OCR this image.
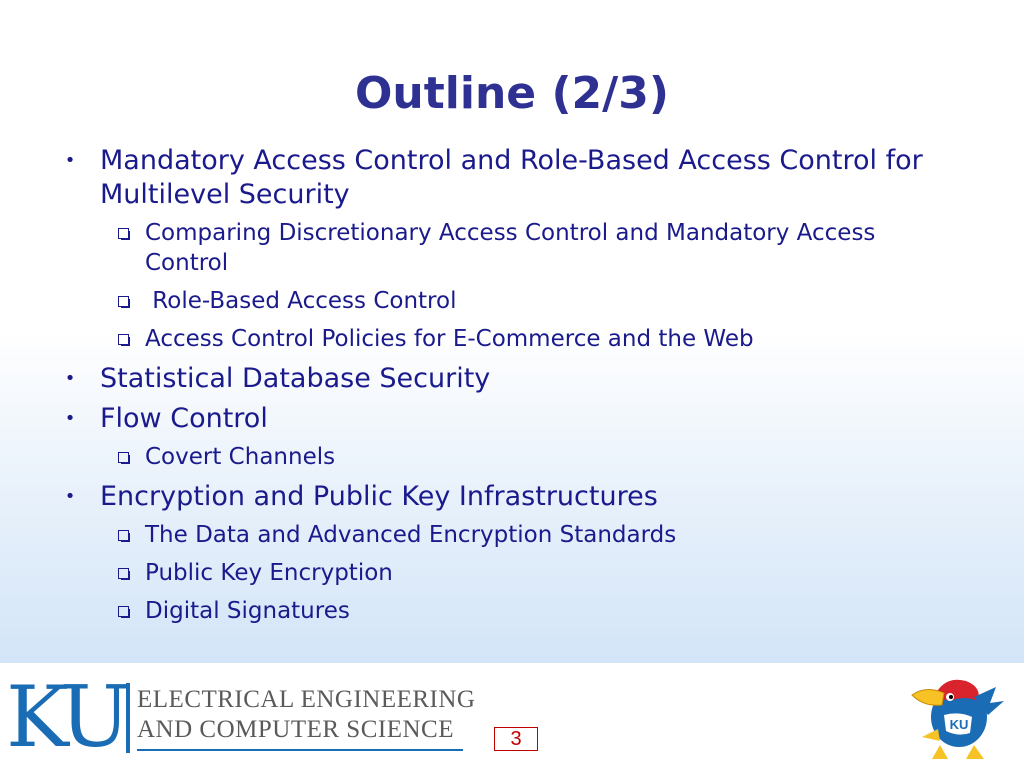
Outline (2/3)
• Mandatory Access Control and Role-Based Access Control for Multilevel Security
Comparing Discretionary Access Control and Mandatory Access Control
Role-Based Access Control
Access Control Policies for E-Commerce and the Web
• Statistical Database Security
• Flow Control
Covert Channels
• Encryption and Public Key Infrastructures
The Data and Advanced Encryption Standards
Public Key Encryption
Digital Signatures
KU ELECTRICAL ENGINEERING
AND COMPUTER SCIENCE	3
KU
